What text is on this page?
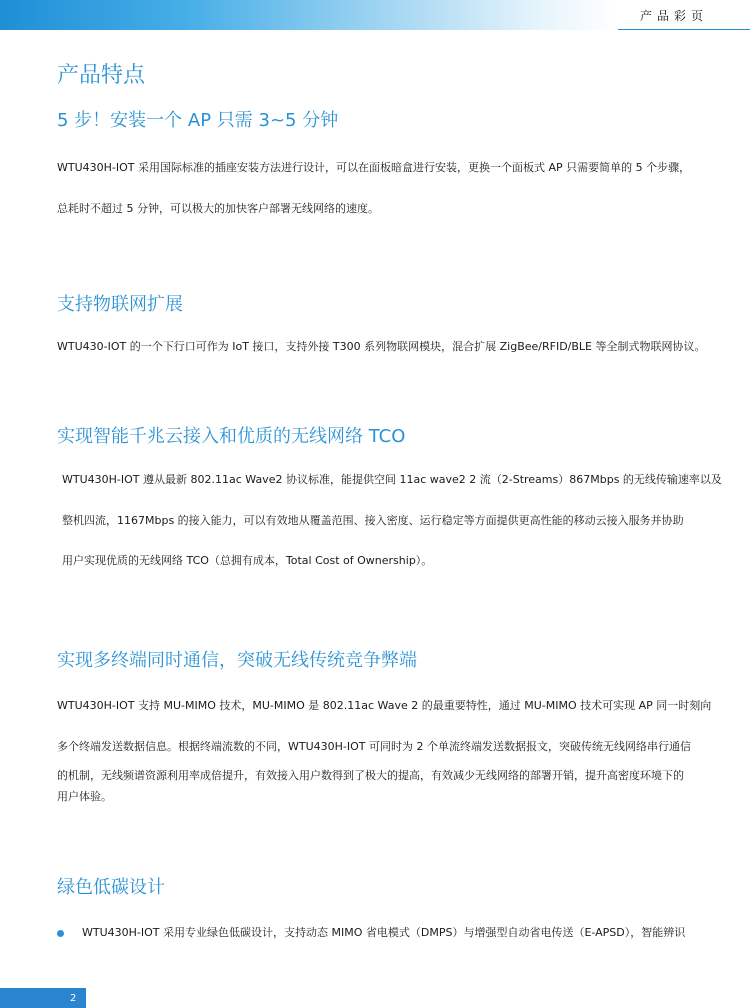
产品彩页
产品特点
5 步！安装一个 AP 只需 3~5 分钟

WTU430H-IOT 采用国际标准的插座安装方法进行设计，可以在面板暗盒进行安装，更换一个面板式 AP 只需要简单的 5 个步骤，

总耗时不超过 5 分钟，可以极大的加快客户部署无线网络的速度。

支持物联网扩展

WTU430-IOT 的一个下行口可作为 IoT 接口，支持外接 T300 系列物联网模块，混合扩展 ZigBee/RFID/BLE 等全制式物联网协议。

实现智能千兆云接入和优质的无线网络 TCO

WTU430H-IOT 遵从最新 802.11ac Wave2 协议标准，能提供空间 11ac wave2 2 流（2-Streams）867Mbps 的无线传输速率以及

整机四流，1167Mbps 的接入能力，可以有效地从覆盖范围、接入密度、运行稳定等方面提供更高性能的移动云接入服务并协助

用户实现优质的无线网络 TCO（总拥有成本，Total Cost of Ownership）。

实现多终端同时通信，突破无线传统竞争弊端

WTU430H-IOT 支持 MU-MIMO 技术，MU-MIMO 是 802.11ac Wave 2 的最重要特性，通过 MU-MIMO 技术可实现 AP 同一时刻向

多个终端发送数据信息。根据终端流数的不同，WTU430H-IOT 可同时为 2 个单流终端发送数据报文，突破传统无线网络串行通信

的机制，无线频谱资源利用率成倍提升，有效接入用户数得到了极大的提高，有效减少无线网络的部署开销，提升高密度环境下的

用户体验。

绿色低碳设计

WTU430H-IOT 采用专业绿色低碳设计，支持动态 MIMO 省电模式（DMPS）与增强型自动省电传送（E-APSD），智能辨识

2
